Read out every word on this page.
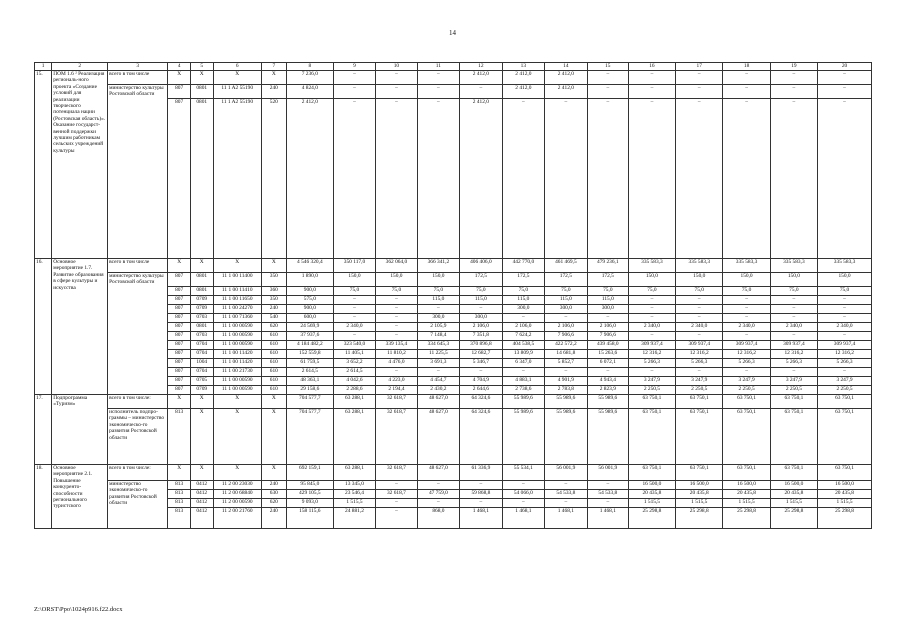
14
1	2	3	4	5	6	7	8	9	10	11	12	13	14	15	16	17	18	19	20
15.	ПОМ 1.6 ² Реализация региональ-ного проекта «Создание условий для реализации творческого потенциала нации (Ростовская область)». Оказание государст-венной поддержки лучшим работникам сельских учреждений культуры	всего в том числе	X	X	X	X	7 236,0	–	–	–	2 412,0	2 412,0	2 412,0	–	–	–	–	–	–
		министерство культуры Ростовской области	807	0801	11 1 A2 55190	240	4 824,0	–	–	–	–	2 412,0	2 412,0	–	–	–	–	–	–
			807	0801	11 1 A2 55190	520	2 412,0	–	–	–	2 412,0	–	–	–	–	–	–	–	–
16.	Основное мероприятие 1.7. Развитие образования в сфере культуры и искусства	всего в том числе	X	X	X	X	4 546 320,4	350 117,0	362 064,0	366 341,2	406 406,0	442 770,0	461 469,5	479 236,1	335 583,3	335 583,3	335 583,3	335 583,3	335 583,3
		министерство культуры Ростовской области	807	0801	11 1 00 11400	350	1 890,0	150,0	150,0	150,0	172,5	172,5	172,5	172,5	150,0	150,0	150,0	150,0	150,0
			807	0801	11 1 00 11410	360	900,0	75,0	75,0	75,0	75,0	75,0	75,0	75,0	75,0	75,0	75,0	75,0	75,0
			807	0709	11 1 00 11650	350	575,0	–	–	115,0	115,0	115,0	115,0	115,0	–	–	–	–	–
			807	0709	11 1 00 24270	240	900,0	–	–	–	–	300,0	300,0	300,0	–	–	–	–	–
			807	0703	11 1 00 71360	540	600,0	–	–	300,0	300,0	–	–	–	–	–	–	–	–
			807	0801	11 1 00 00590	620	24 569,9	2 340,0	–	2 105,9	2 106,0	2 106,0	2 106,0	2 106,0	2 340,0	2 340,0	2 340,0	2 340,0	2 340,0
			807	0703	11 1 00 00590	610	37 937,6	–	–	7 148,4	7 351,8	7 624,2	7 906,6	7 906,6	–	–	–	–	–
			807	0704	11 1 00 00590	610	4 184 482,2	323 540,0	339 135,4	334 645,3	370 896,8	404 538,5	422 572,2	439 458,0	309 937,4	309 937,4	309 937,4	309 937,4	309 937,4
			807	0704	11 1 00 11420	610	152 559,8	11 405,1	11 810,2	11 225,5	12 682,7	13 809,9	14 681,8	15 263,6	12 316,2	12 316,2	12 316,2	12 316,2	12 316,2
			807	1004	11 1 00 11420	610	61 759,5	3 652,2	4 476,0	3 691,3	5 346,7	6 347,0	5 852,7	6 072,1	5 266,3	5 266,3	5 266,3	5 266,3	5 266,3
			807	0704	11 1 00 21730	610	2 614,5	2 614,5	–	–	–	–	–	–	–	–	–	–	–
			807	0705	11 1 00 00590	610	48 363,1	4 042,6	4 223,0	4 454,7	4 704,9	4 883,1	4 901,9	4 943,4	3 247,9	3 247,9	3 247,9	3 247,9	3 247,9
			807	0709	11 1 00 00590	610	29 158,6	2 288,6	2 194,4	2 430,2	2 644,6	2 738,6	2 783,8	2 823,9	2 250,5	2 250,5	2 250,5	2 250,5	2 250,5
17.	Подпрограмма «Туризм»	всего в том числе:	X	X	X	X	704 577,7	63 288,1	32 618,7	48 627,0	64 324,6	55 989,6	55 989,6	55 989,6	63 750,1	63 750,1	63 750,1	63 750,1	63 750,1
		исполнитель подпро-граммы – министерство экономическо-го развития Ростовской области	813	X	X	X	704 577,7	63 288,1	32 618,7	48 627,0	64 324,6	55 989,6	55 989,6	55 989,6	63 750,1	63 750,1	63 750,1	63 750,1	63 750,1
18.	Основное мероприятие 2.1. Повышение конкуренто-способности регионального туристского	всего в том числе:	X	X	X	X	692 159,1	63 288,1	32 618,7	48 627,0	61 336,9	55 534,1	56 001,9	56 001,9	63 750,1	63 750,1	63 750,1	63 750,1	63 750,1
		министерство экономическо-го развития Ростовской области	813	0412	11 2 00 23030	240	95 845,0	13 345,0	–	–	–	–	–	–	16 500,0	16 500,0	16 500,0	16 500,0	16 500,0
			813	0412	11 2 00 68840	630	429 105,5	23 546,4	32 618,7	47 759,0	59 868,8	54 066,0	54 533,8	54 533,8	20 435,8	20 435,8	20 435,8	20 435,8	20 435,8
			813	0412	11 2 00 00590	620	9 093,0	1 515,5	–	–	–	–	–	–	1 515,5	1 515,5	1 515,5	1 515,5	1 515,5
			813	0412	11 2 00 21760	240	158 115,6	24 881,2	–	868,0	1 468,1	1 468,1	1 468,1	1 468,1	25 298,8	25 298,8	25 298,8	25 298,8	25 298,8
Z:\ORST\Ppo\1024p916.f22.docx
